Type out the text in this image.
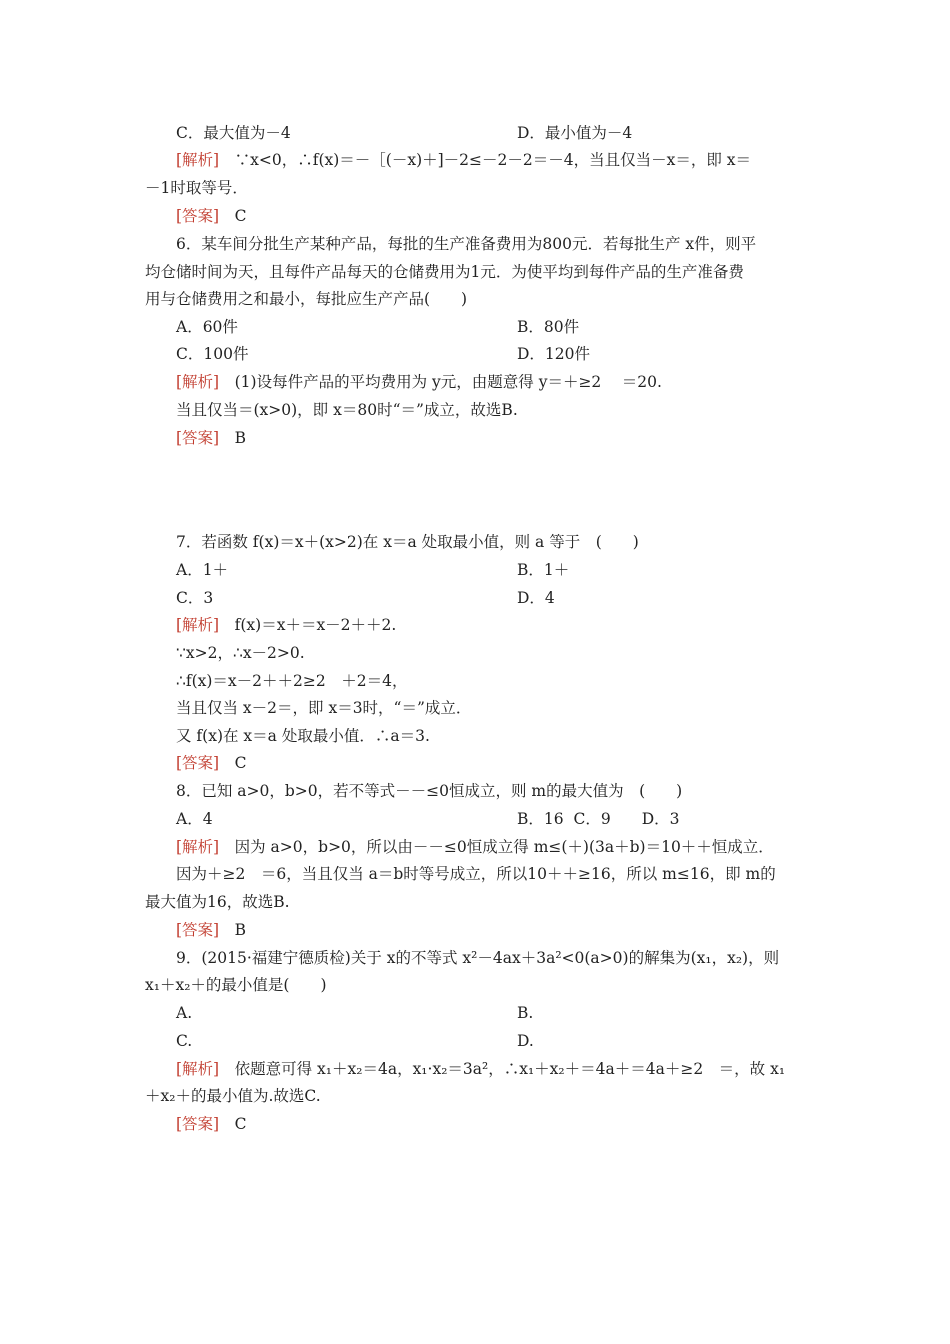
C．最大值为－4	D．最小值为－4
[解析]　 ∵x<0，∴f(x)＝－［(－x)＋]－2≤－2－2＝－4，当且仅当－x＝，即 x＝
－1时取等号．
[答案]　 C
6．某车间分批生产某种产品，每批的生产准备费用为800元．若每批生产 x件，则平
均仓储时间为天，且每件产品每天的仓储费用为1元．为使平均到每件产品的生产准备费
用与仓储费用之和最小，每批应生产产品(　　)
A．60件	B．80件
C．100件	D．120件
[解析]　 (1)设每件产品的平均费用为 y元，由题意得 y＝＋≥2　 ＝20.
当且仅当＝(x>0)，即 x＝80时“＝”成立，故选B.
[答案]　 B
7．若函数 f(x)＝x＋(x>2)在 x＝a 处取最小值，则 a 等于　(　　)
A．1＋	B．1＋
C．3	D．4
[解析]　 f(x)＝x＋＝x－2＋＋2.
∵x>2，∴x－2>0.
∴f(x)＝x－2＋＋2≥2　＋2＝4，
当且仅当 x－2＝，即 x＝3时，“＝”成立．
又 f(x)在 x＝a 处取最小值．∴a＝3.
[答案]　 C
8．已知 a>0，b>0，若不等式－－≤0恒成立，则 m的最大值为　(　　)
A．4	B．16  C．9　　D．3
[解析]　 因为 a>0，b>0，所以由－－≤0恒成立得 m≤(＋)(3a＋b)＝10＋＋恒成立．
因为＋≥2　＝6，当且仅当 a＝b时等号成立，所以10＋＋≥16，所以 m≤16，即 m的
最大值为16，故选B.
[答案]　 B
9．(2015·福建宁德质检)关于 x的不等式 x²－4ax＋3a²<0(a>0)的解集为(x₁，x₂)，则
x₁＋x₂＋的最小值是(　　)
A.	B.
C.	D.
[解析]　 依题意可得 x₁＋x₂＝4a，x₁·x₂＝3a²，∴x₁＋x₂＋＝4a＋＝4a＋≥2　＝，故 x₁
＋x₂＋的最小值为.故选C.
[答案]　 C
